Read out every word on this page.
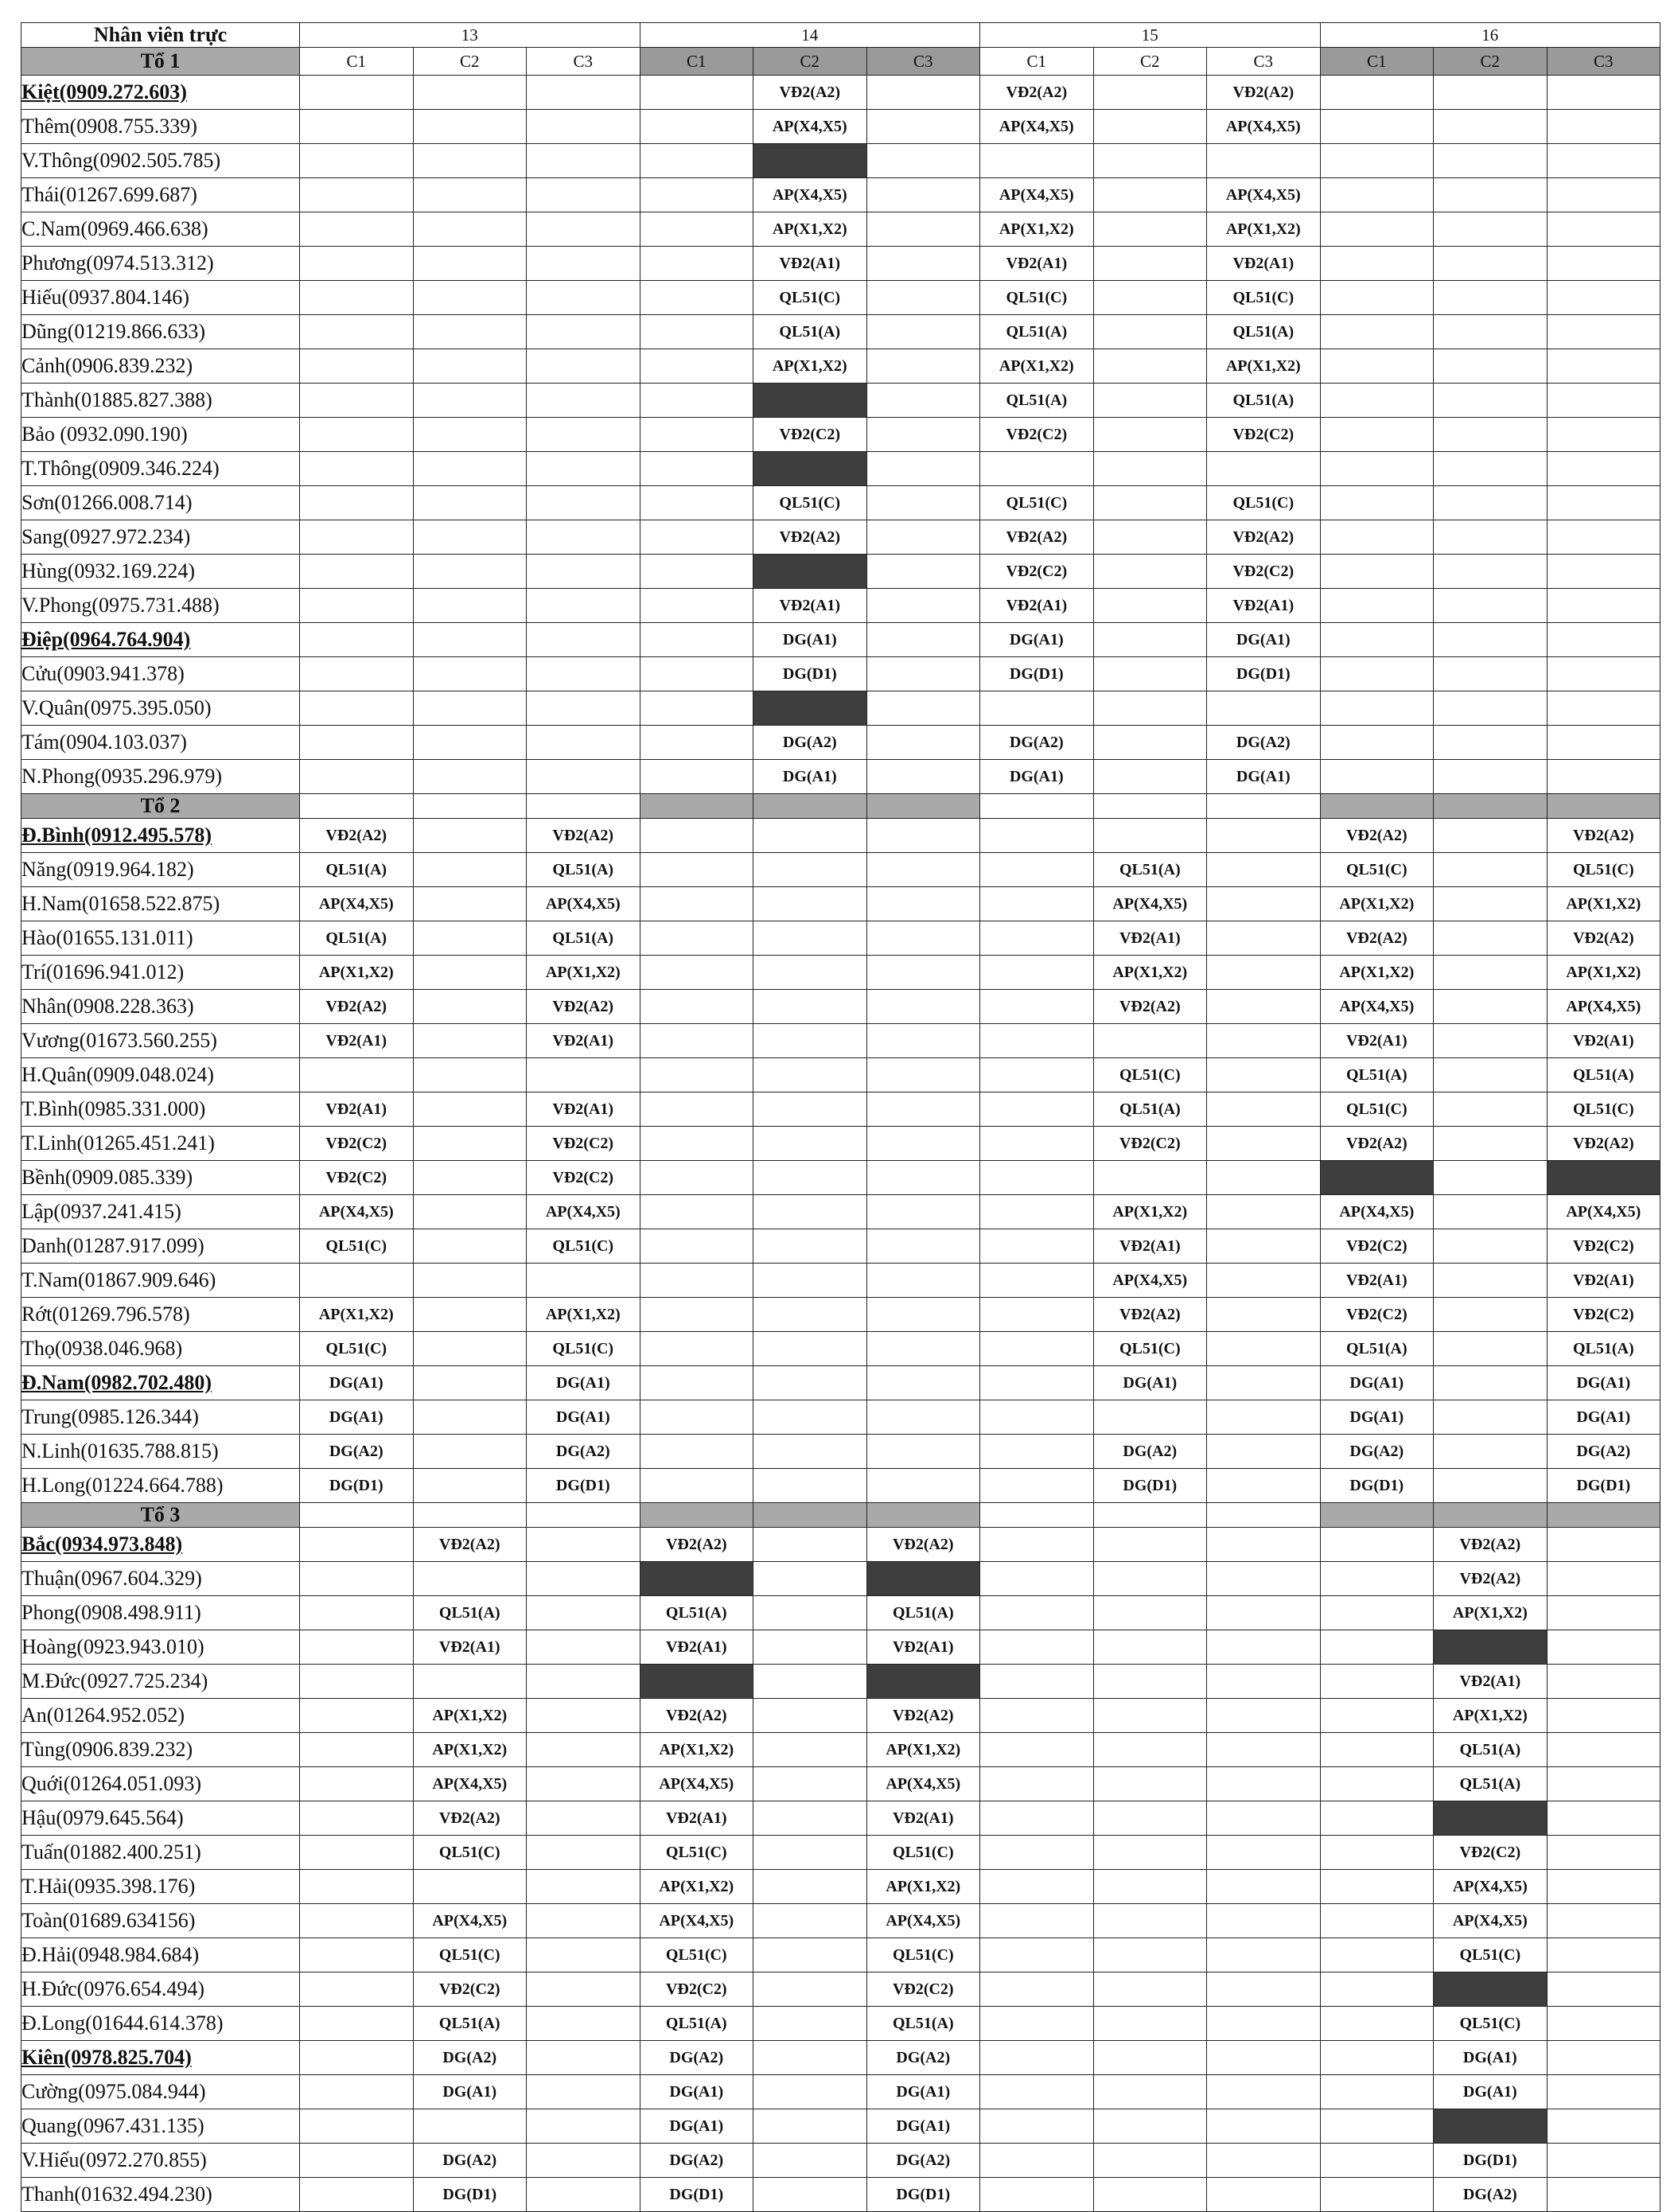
Nhân viên trực	13			14			15			16		
Tổ 1	C1	C2	C3	C1	C2	C3	C1	C2	C3	C1	C2	C3
Kiệt(0909.272.603)					VĐ2(A2)		VĐ2(A2)		VĐ2(A2)			
Thêm(0908.755.339)					AP(X4,X5)		AP(X4,X5)		AP(X4,X5)			
V.Thông(0902.505.785)												
Thái(01267.699.687)					AP(X4,X5)		AP(X4,X5)		AP(X4,X5)			
C.Nam(0969.466.638)					AP(X1,X2)		AP(X1,X2)		AP(X1,X2)			
Phương(0974.513.312)					VĐ2(A1)		VĐ2(A1)		VĐ2(A1)			
Hiếu(0937.804.146)					QL51(C)		QL51(C)		QL51(C)			
Dũng(01219.866.633)					QL51(A)		QL51(A)		QL51(A)			
Cảnh(0906.839.232)					AP(X1,X2)		AP(X1,X2)		AP(X1,X2)			
Thành(01885.827.388)							QL51(A)		QL51(A)			
Bảo (0932.090.190)					VĐ2(C2)		VĐ2(C2)		VĐ2(C2)			
T.Thông(0909.346.224)												
Sơn(01266.008.714)					QL51(C)		QL51(C)		QL51(C)			
Sang(0927.972.234)					VĐ2(A2)		VĐ2(A2)		VĐ2(A2)			
Hùng(0932.169.224)							VĐ2(C2)		VĐ2(C2)			
V.Phong(0975.731.488)					VĐ2(A1)		VĐ2(A1)		VĐ2(A1)			
Điệp(0964.764.904)					DG(A1)		DG(A1)		DG(A1)			
Cửu(0903.941.378)					DG(D1)		DG(D1)		DG(D1)			
V.Quân(0975.395.050)												
Tám(0904.103.037)					DG(A2)		DG(A2)		DG(A2)			
N.Phong(0935.296.979)					DG(A1)		DG(A1)		DG(A1)			
Tổ 2												
Đ.Bình(0912.495.578)	VĐ2(A2)		VĐ2(A2)							VĐ2(A2)		VĐ2(A2)
Năng(0919.964.182)	QL51(A)		QL51(A)					QL51(A)		QL51(C)		QL51(C)
H.Nam(01658.522.875)	AP(X4,X5)		AP(X4,X5)					AP(X4,X5)		AP(X1,X2)		AP(X1,X2)
Hào(01655.131.011)	QL51(A)		QL51(A)					VĐ2(A1)		VĐ2(A2)		VĐ2(A2)
Trí(01696.941.012)	AP(X1,X2)		AP(X1,X2)					AP(X1,X2)		AP(X1,X2)		AP(X1,X2)
Nhân(0908.228.363)	VĐ2(A2)		VĐ2(A2)					VĐ2(A2)		AP(X4,X5)		AP(X4,X5)
Vương(01673.560.255)	VĐ2(A1)		VĐ2(A1)							VĐ2(A1)		VĐ2(A1)
H.Quân(0909.048.024)								QL51(C)		QL51(A)		QL51(A)
T.Bình(0985.331.000)	VĐ2(A1)		VĐ2(A1)					QL51(A)		QL51(C)		QL51(C)
T.Linh(01265.451.241)	VĐ2(C2)		VĐ2(C2)					VĐ2(C2)		VĐ2(A2)		VĐ2(A2)
Bềnh(0909.085.339)	VĐ2(C2)		VĐ2(C2)									
Lập(0937.241.415)	AP(X4,X5)		AP(X4,X5)					AP(X1,X2)		AP(X4,X5)		AP(X4,X5)
Danh(01287.917.099)	QL51(C)		QL51(C)					VĐ2(A1)		VĐ2(C2)		VĐ2(C2)
T.Nam(01867.909.646)								AP(X4,X5)		VĐ2(A1)		VĐ2(A1)
Rớt(01269.796.578)	AP(X1,X2)		AP(X1,X2)					VĐ2(A2)		VĐ2(C2)		VĐ2(C2)
Thọ(0938.046.968)	QL51(C)		QL51(C)					QL51(C)		QL51(A)		QL51(A)
Đ.Nam(0982.702.480)	DG(A1)		DG(A1)					DG(A1)		DG(A1)		DG(A1)
Trung(0985.126.344)	DG(A1)		DG(A1)							DG(A1)		DG(A1)
N.Linh(01635.788.815)	DG(A2)		DG(A2)					DG(A2)		DG(A2)		DG(A2)
H.Long(01224.664.788)	DG(D1)		DG(D1)					DG(D1)		DG(D1)		DG(D1)
Tổ 3												
Bắc(0934.973.848)		VĐ2(A2)		VĐ2(A2)		VĐ2(A2)					VĐ2(A2)	
Thuận(0967.604.329)											VĐ2(A2)	
Phong(0908.498.911)		QL51(A)		QL51(A)		QL51(A)					AP(X1,X2)	
Hoàng(0923.943.010)		VĐ2(A1)		VĐ2(A1)		VĐ2(A1)						
M.Đức(0927.725.234)											VĐ2(A1)	
An(01264.952.052)		AP(X1,X2)		VĐ2(A2)		VĐ2(A2)					AP(X1,X2)	
Tùng(0906.839.232)		AP(X1,X2)		AP(X1,X2)		AP(X1,X2)					QL51(A)	
Quới(01264.051.093)		AP(X4,X5)		AP(X4,X5)		AP(X4,X5)					QL51(A)	
Hậu(0979.645.564)		VĐ2(A2)		VĐ2(A1)		VĐ2(A1)						
Tuấn(01882.400.251)		QL51(C)		QL51(C)		QL51(C)					VĐ2(C2)	
T.Hải(0935.398.176)				AP(X1,X2)		AP(X1,X2)					AP(X4,X5)	
Toàn(01689.634156)		AP(X4,X5)		AP(X4,X5)		AP(X4,X5)					AP(X4,X5)	
Đ.Hải(0948.984.684)		QL51(C)		QL51(C)		QL51(C)					QL51(C)	
H.Đức(0976.654.494)		VĐ2(C2)		VĐ2(C2)		VĐ2(C2)						
Đ.Long(01644.614.378)		QL51(A)		QL51(A)		QL51(A)					QL51(C)	
Kiên(0978.825.704)		DG(A2)		DG(A2)		DG(A2)					DG(A1)	
Cường(0975.084.944)		DG(A1)		DG(A1)		DG(A1)					DG(A1)	
Quang(0967.431.135)				DG(A1)		DG(A1)						
V.Hiếu(0972.270.855)		DG(A2)		DG(A2)		DG(A2)					DG(D1)	
Thanh(01632.494.230)		DG(D1)		DG(D1)		DG(D1)					DG(A2)	
